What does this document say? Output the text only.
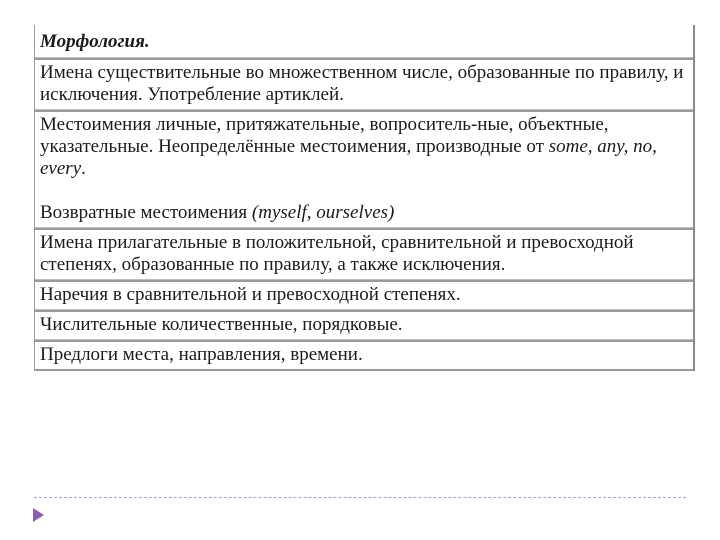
Морфология.
Имена существительные во множественном числе, образованные по правилу, и исключения. Употребление артиклей.
Местоимения личные, притяжательные, вопроситель-ные, объектные, указательные. Неопределённые местоимения, производные от some, any, no, every.
Возвратные местоимения (myself, ourselves)
Имена прилагательные в положительной, сравнительной и превосходной степенях, образованные по правилу, а также исключения.
Наречия в сравнительной и превосходной степенях.
Числительные количественные, порядковые.
Предлоги места, направления, времени.
